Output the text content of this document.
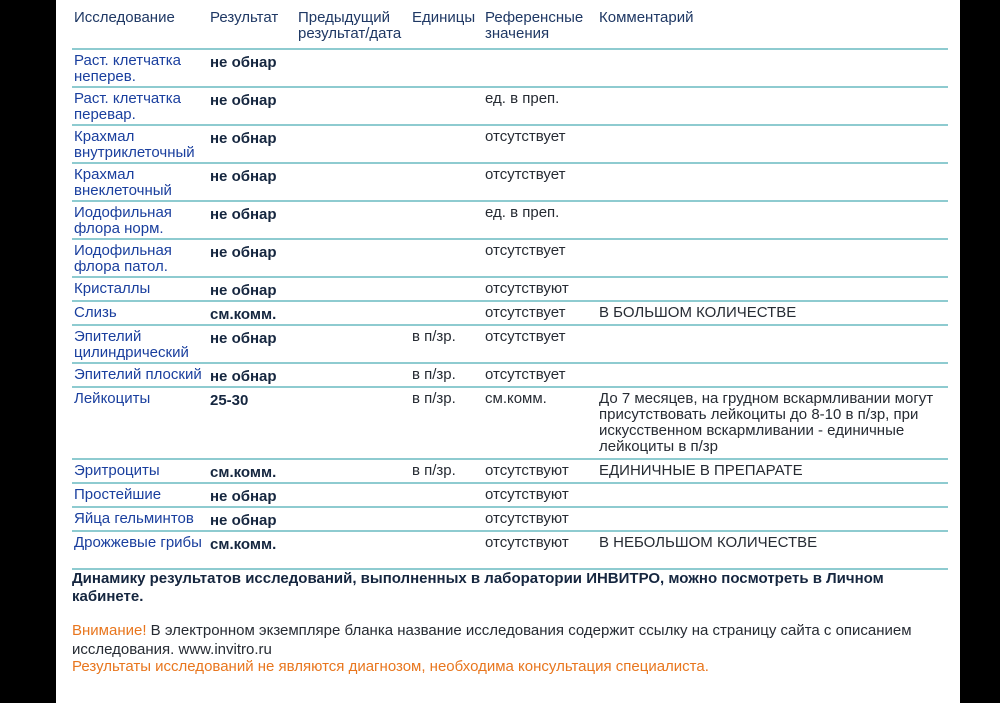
Исследование	Результат	Предыдущий результат/дата	Единицы	Референсные значения	Комментарий
Раст. клетчатка неперев.	не обнар				
Раст. клетчатка перевар.	не обнар			ед. в преп.	
Крахмал внутриклеточный	не обнар			отсутствует	
Крахмал внеклеточный	не обнар			отсутствует	
Иодофильная флора норм.	не обнар			ед. в преп.	
Иодофильная флора патол.	не обнар			отсутствует	
Кристаллы	не обнар			отсутствуют	
Слизь	см.комм.			отсутствует	В БОЛЬШОМ КОЛИЧЕСТВЕ
Эпителий цилиндрический	не обнар		в п/зр.	отсутствует	
Эпителий плоский	не обнар		в п/зр.	отсутствует	
Лейкоциты	25-30		в п/зр.	см.комм.	До 7 месяцев, на грудном вскармливании могут присутствовать лейкоциты до 8-10 в п/зр, при искусственном вскармливании - единичные лейкоциты в п/зр
Эритроциты	см.комм.		в п/зр.	отсутствуют	ЕДИНИЧНЫЕ В ПРЕПАРАТЕ
Простейшие	не обнар			отсутствуют	
Яйца гельминтов	не обнар			отсутствуют	
Дрожжевые грибы	см.комм.			отсутствуют	В НЕБОЛЬШОМ КОЛИЧЕСТВЕ
Динамику результатов исследований, выполненных в лаборатории ИНВИТРО, можно посмотреть в Личном кабинете.
Внимание! В электронном экземпляре бланка название исследования содержит ссылку на страницу сайта с описанием исследования. www.invitro.ru
Результаты исследований не являются диагнозом, необходима консультация специалиста.
